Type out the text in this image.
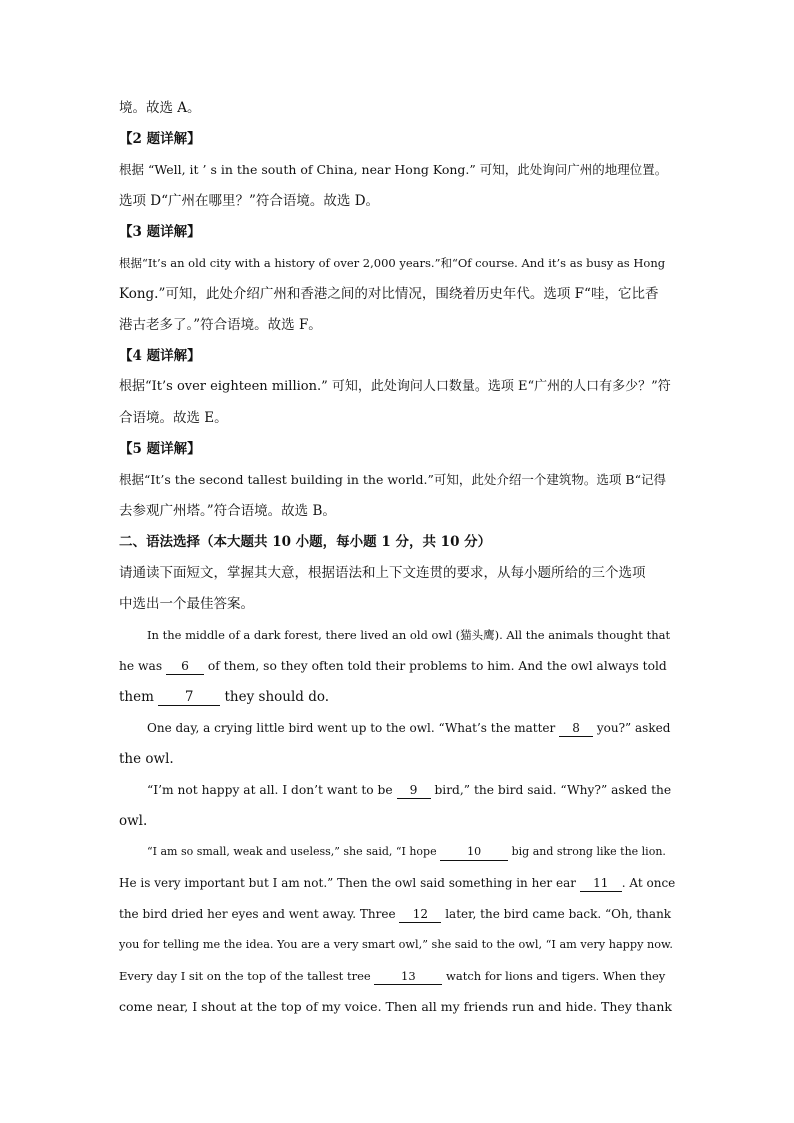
境。故选 A。
【2 题详解】
根据 “Well, it ’ s in the south of China, near Hong Kong.” 可知，此处询问广州的地理位置。
选项 D“广州在哪里？”符合语境。故选 D。
【3 题详解】
根据“It’s an old city with a history of over 2,000 years.”和“Of course. And it’s as busy as Hong
Kong.”可知，此处介绍广州和香港之间的对比情况，围绕着历史年代。选项 F“哇，它比香
港古老多了。”符合语境。故选 F。
【4 题详解】
根据“It’s over eighteen million.” 可知，此处询问人口数量。选项 E“广州的人口有多少？”符
合语境。故选 E。
【5 题详解】
根据“It’s the second tallest building in the world.”可知，此处介绍一个建筑物。选项 B“记得
去参观广州塔。”符合语境。故选 B。
二、语法选择（本大题共 10 小题，每小题 1 分，共 10 分）
请通读下面短文，掌握其大意，根据语法和上下文连贯的要求，从每小题所给的三个选项
中选出一个最佳答案。
In the middle of a dark forest, there lived an old owl (猫头鹰). All the animals thought that
he was 6 of them, so they often told their problems to him. And the owl always told
them 7 they should do.
One day, a crying little bird went up to the owl. “What’s the matter 8 you?” asked
the owl.
“I’m not happy at all. I don’t want to be 9 bird,” the bird said. “Why?” asked the
owl.
“I am so small, weak and useless,” she said, “I hope 10 big and strong like the lion.
He is very important but I am not.” Then the owl said something in her ear 11 . At once
the bird dried her eyes and went away. Three 12 later, the bird came back. “Oh, thank
you for telling me the idea. You are a very smart owl,” she said to the owl, “I am very happy now.
Every day I sit on the top of the tallest tree 13 watch for lions and tigers. When they
come near, I shout at the top of my voice. Then all my friends run and hide. They thank
